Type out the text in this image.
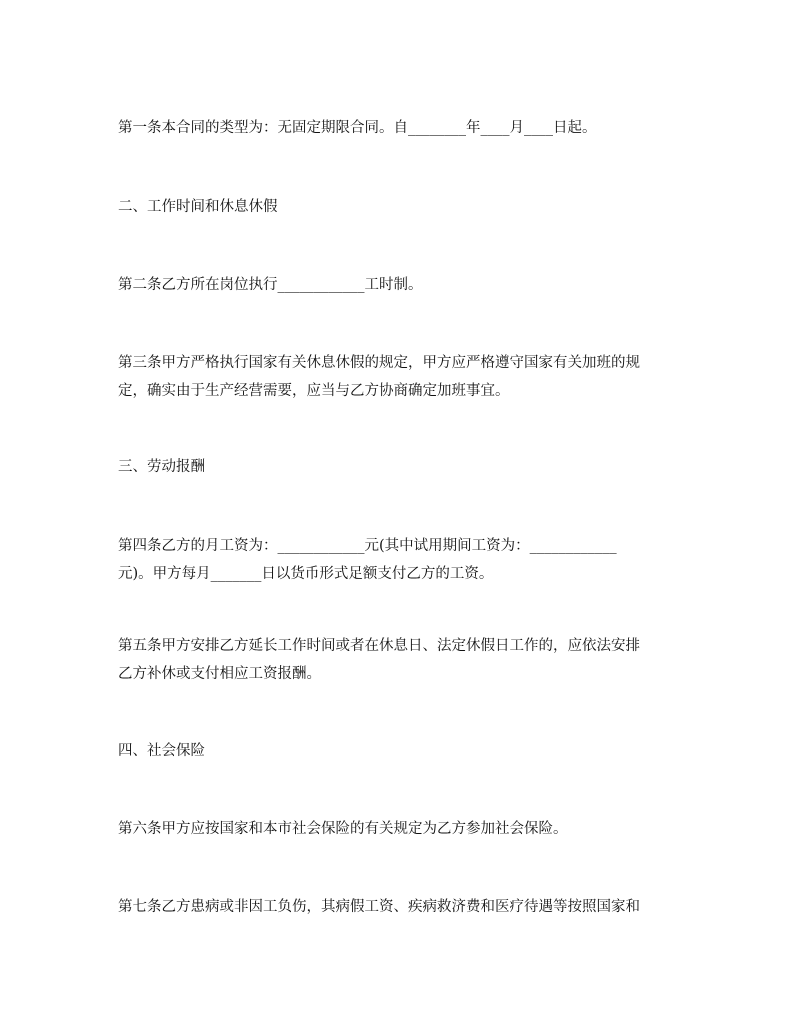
第一条本合同的类型为：无固定期限合同。自________年____月____日起。
二、工作时间和休息休假
第二条乙方所在岗位执行____________工时制。
第三条甲方严格执行国家有关休息休假的规定，甲方应严格遵守国家有关加班的规
定，确实由于生产经营需要，应当与乙方协商确定加班事宜。
三、劳动报酬
第四条乙方的月工资为：____________元(其中试用期间工资为：____________
元)。甲方每月_______日以货币形式足额支付乙方的工资。
第五条甲方安排乙方延长工作时间或者在休息日、法定休假日工作的，应依法安排
乙方补休或支付相应工资报酬。
四、社会保险
第六条甲方应按国家和本市社会保险的有关规定为乙方参加社会保险。
第七条乙方患病或非因工负伤，其病假工资、疾病救济费和医疗待遇等按照国家和
